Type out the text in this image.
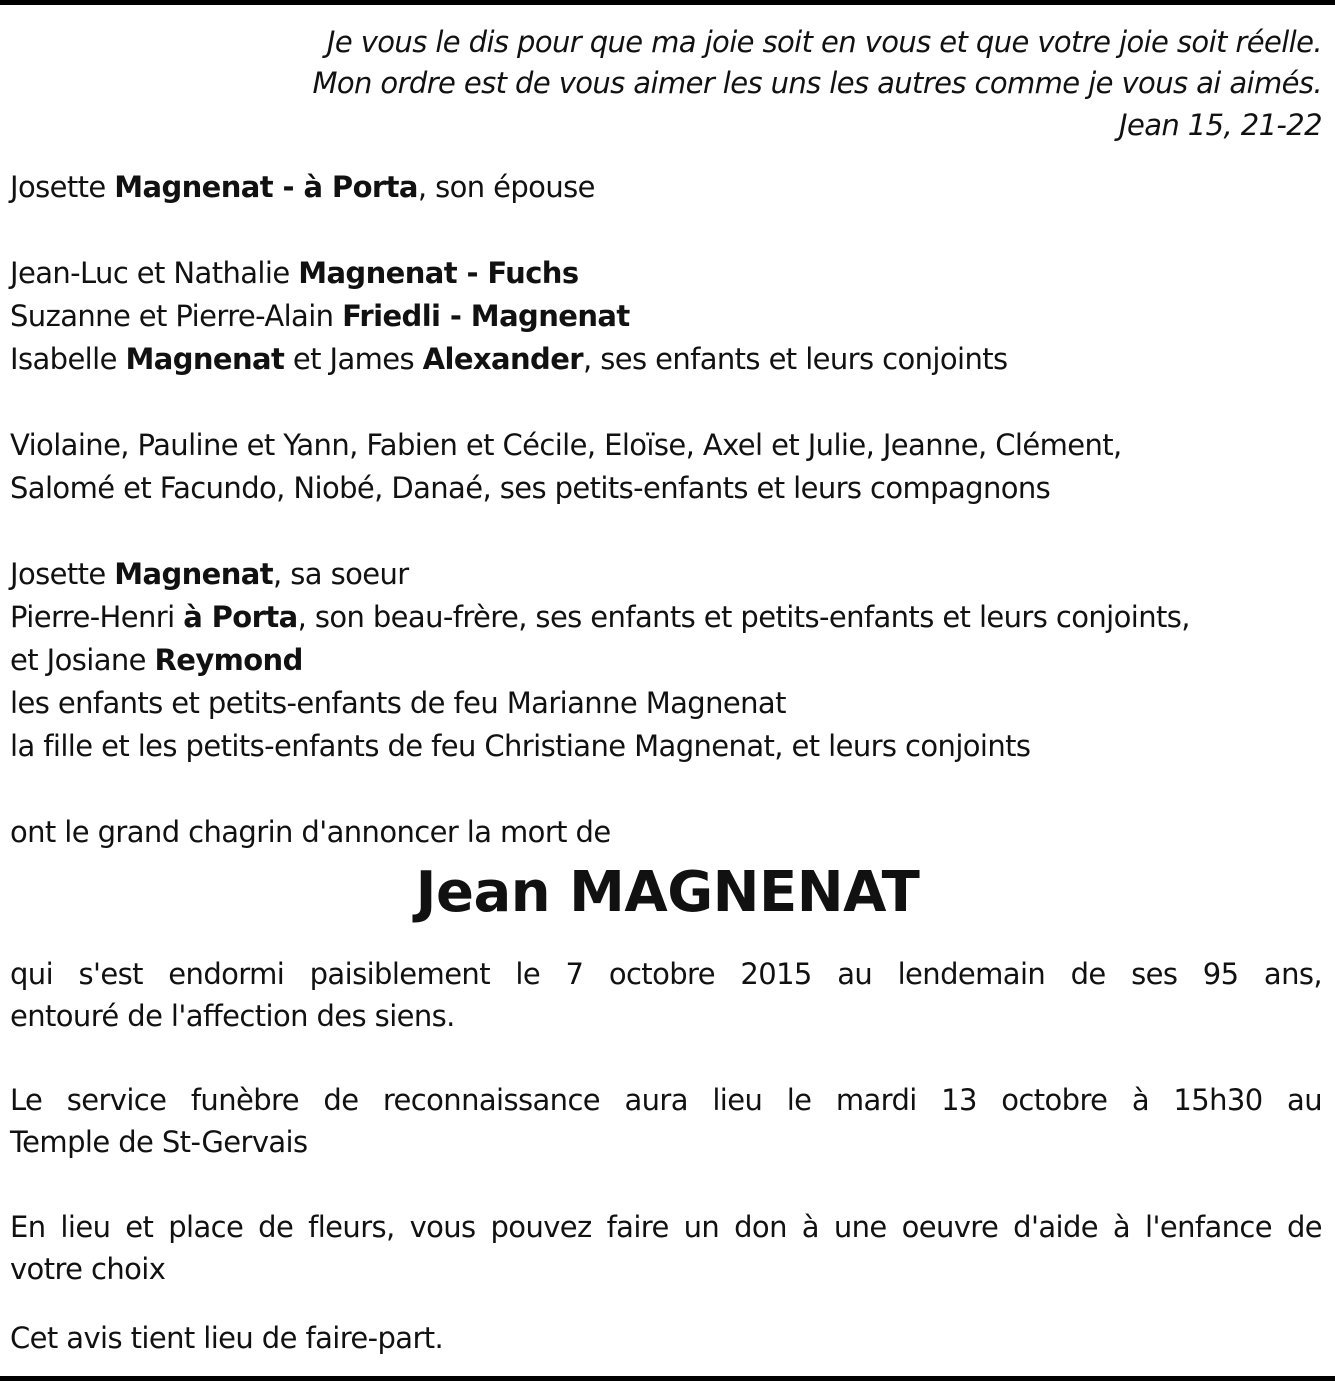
Je vous le dis pour que ma joie soit en vous et que votre joie soit réelle.
Mon ordre est de vous aimer les uns les autres comme je vous ai aimés.
Jean 15, 21-22
Josette Magnenat - à Porta, son épouse
Jean-Luc et Nathalie Magnenat - Fuchs
Suzanne et Pierre-Alain Friedli - Magnenat
Isabelle Magnenat et James Alexander, ses enfants et leurs conjoints
Violaine, Pauline et Yann, Fabien et Cécile, Eloïse, Axel et Julie, Jeanne, Clément,
Salomé et Facundo, Niobé, Danaé, ses petits-enfants et leurs compagnons
Josette Magnenat, sa soeur
Pierre-Henri à Porta, son beau-frère, ses enfants et petits-enfants et leurs conjoints,
et Josiane Reymond
les enfants et petits-enfants de feu Marianne Magnenat
la fille et les petits-enfants de feu Christiane Magnenat, et leurs conjoints
ont le grand chagrin d'annoncer la mort de
Jean MAGNENAT
qui s'est endormi paisiblement le 7 octobre 2015 au lendemain de ses 95 ans,
entouré de l'affection des siens.
Le service funèbre de reconnaissance aura lieu le mardi 13 octobre à 15h30 au
Temple de St-Gervais
En lieu et place de fleurs, vous pouvez faire un don à une oeuvre d'aide à l'enfance de
votre choix
Cet avis tient lieu de faire-part.
